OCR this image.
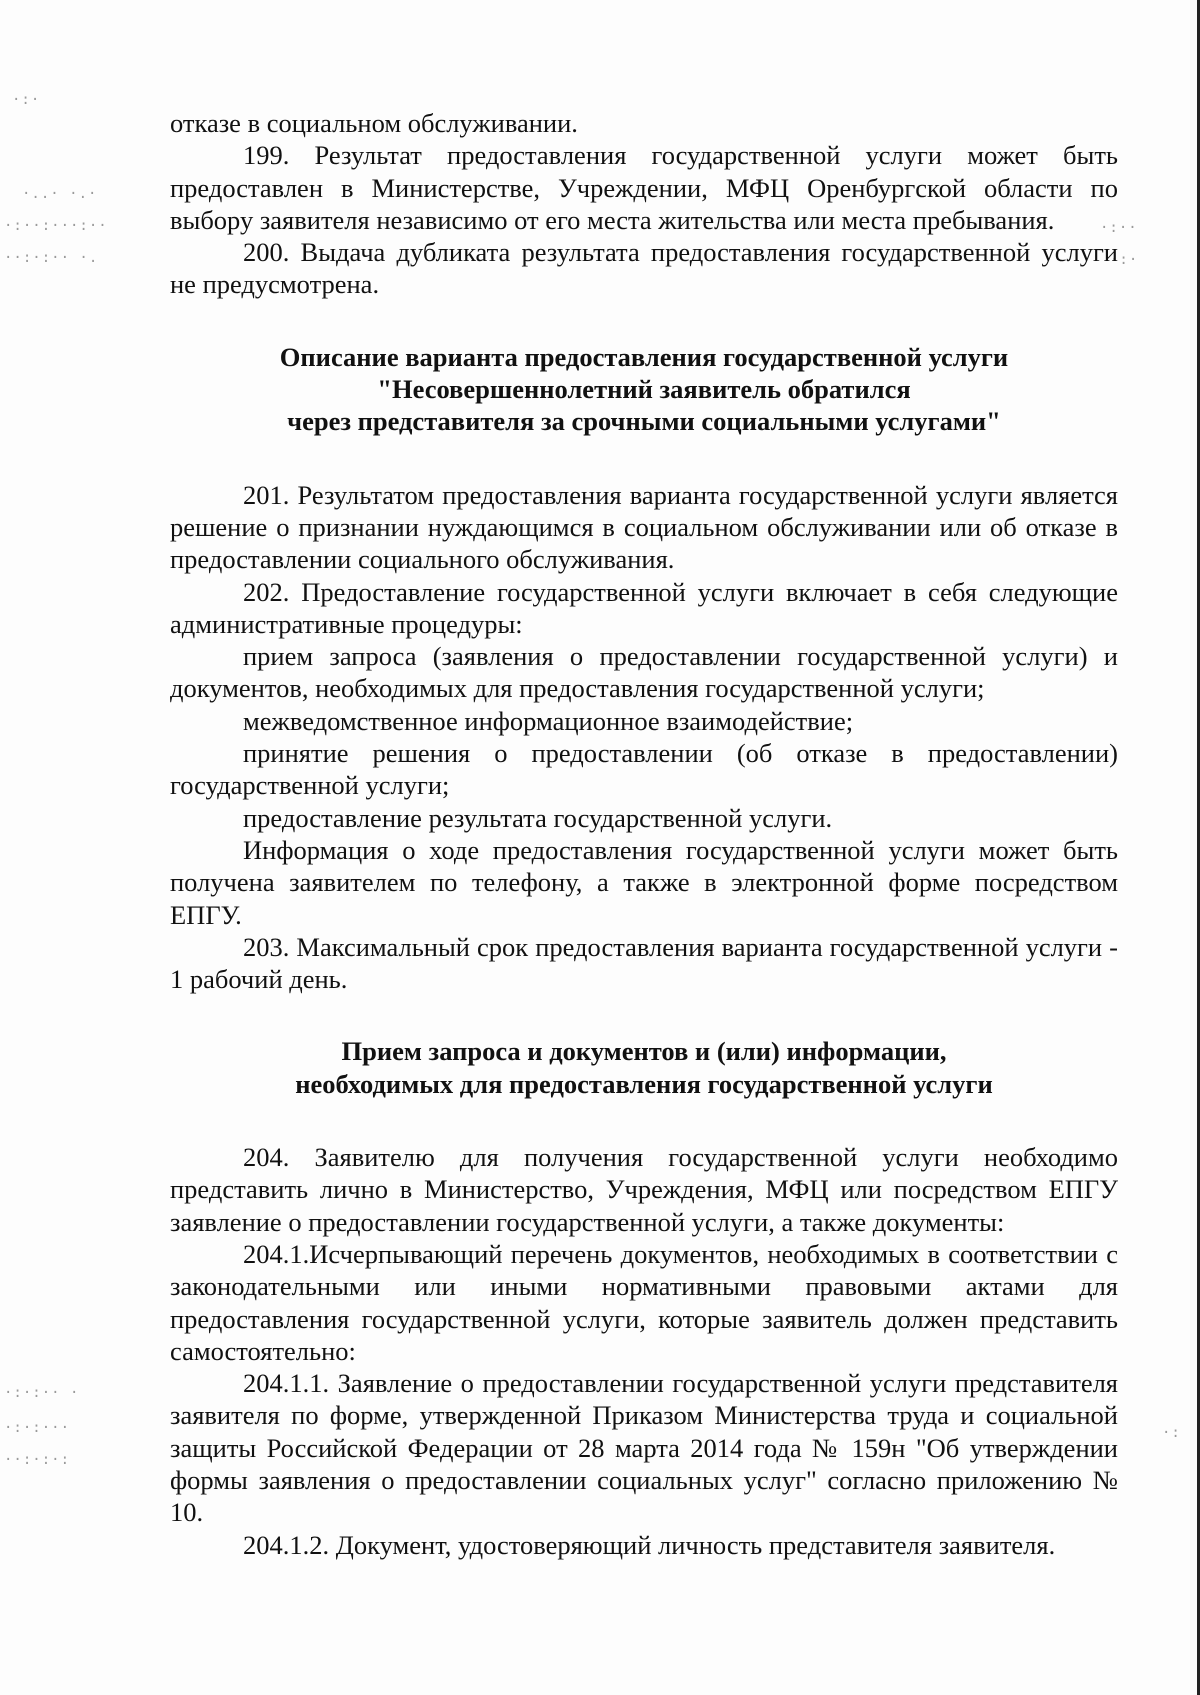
·:·
·..· ·.·
·:··:···:··
··:·:·· ·.
·:··
·:·
·:·:·· ·
·:·:···
··:·:·:
·:

отказе в социальном обслуживании.

199. Результат предоставления государственной услуги может быть предоставлен в Министерстве, Учреждении, МФЦ Оренбургской области по выбору заявителя независимо от его места жительства или места пребывания.

200. Выдача дубликата результата предоставления государственной услуги не предусмотрена.

Описание варианта предоставления государственной услуги

"Несовершеннолетний заявитель обратился

через представителя за срочными социальными услугами"

201. Результатом предоставления варианта государственной услуги является решение о признании нуждающимся в социальном обслуживании или об отказе в предоставлении социального обслуживания.

202. Предоставление государственной услуги включает в себя следующие административные процедуры:

прием запроса (заявления о предоставлении государственной услуги) и документов, необходимых для предоставления государственной услуги;

межведомственное информационное взаимодействие;

принятие решения о предоставлении (об отказе в предоставлении) государственной услуги;

предоставление результата государственной услуги.

Информация о ходе предоставления государственной услуги может быть получена заявителем по телефону, а также в электронной форме посредством ЕПГУ.

203. Максимальный срок предоставления варианта государственной услуги - 1 рабочий день.

Прием запроса и документов и (или) информации,

необходимых для предоставления государственной услуги

204. Заявителю для получения государственной услуги необходимо представить лично в Министерство, Учреждения, МФЦ или посредством ЕПГУ заявление о предоставлении государственной услуги, а также документы:

204.1.Исчерпывающий перечень документов, необходимых в соответствии с законодательными или иными нормативными правовыми актами для предоставления государственной услуги, которые заявитель должен представить самостоятельно:

204.1.1. Заявление о предоставлении государственной услуги представителя заявителя по форме, утвержденной Приказом Министерства труда и социальной защиты Российской Федерации от 28 марта 2014 года № 159н "Об утверждении формы заявления о предоставлении социальных услуг" согласно приложению № 10.

204.1.2. Документ, удостоверяющий личность представителя заявителя.
